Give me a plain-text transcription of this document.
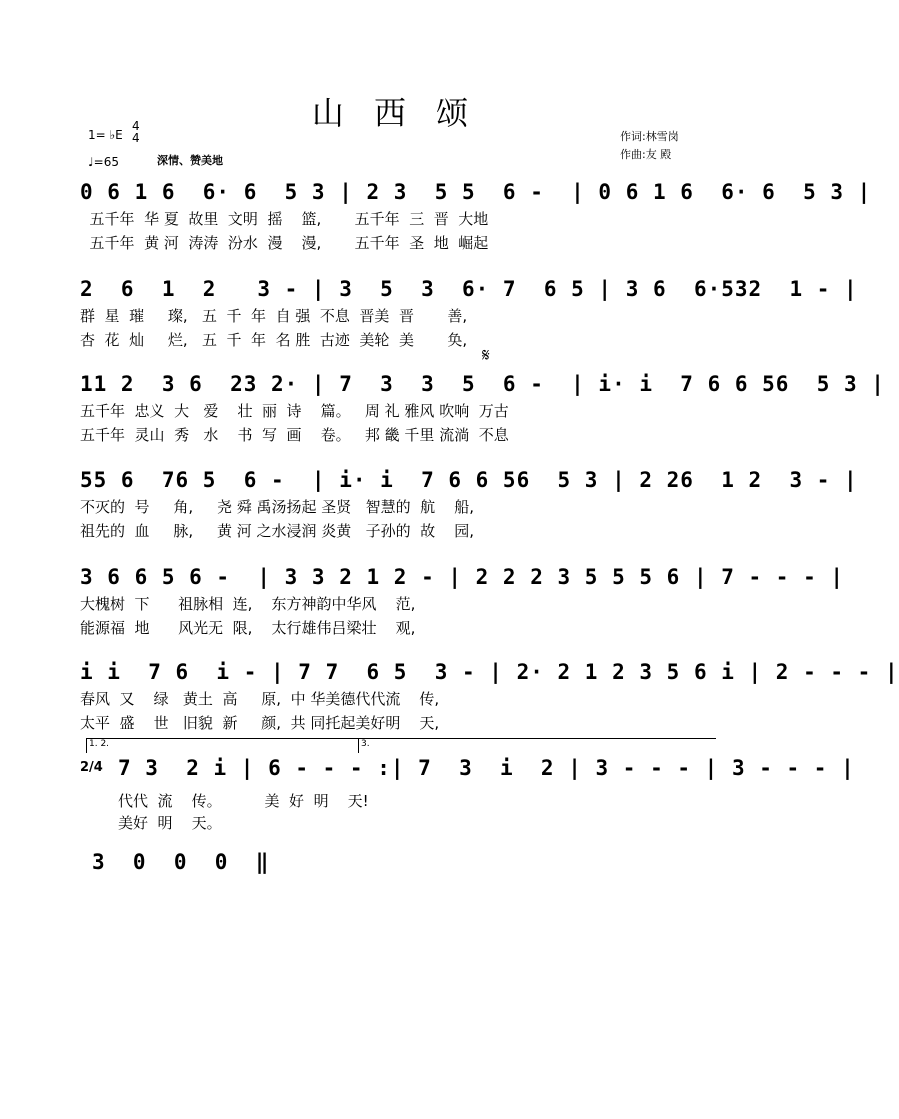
山 西 颂
1= ♭E
4
4
♩=65	深情、赞美地
作词:林雪岗
作曲:友 殿
0 6 1 6  6· 6  5 3 | 2 3  5 5  6 -  | 0 6 1 6  6· 6  5 3 |
五千年  华 夏  故里  文明  摇    篮,       五千年  三  晋  大地
五千年  黄 河  涛涛  汾水  漫    漫,       五千年  圣  地  崛起
2  6  1  2   3 - | 3  5  3  6· 7  6 5 | 3 6  6·532  1 - |
群  星  璀     璨,   五  千  年  自 强  不息  晋美  晋       善,
杏  花  灿     烂,   五  千  年  名 胜  古迹  美轮  美       奂,
𝄋
11 2  3 6  23 2· | 7  3  3  5  6 -  | i· i  7 6 6 56  5 3 |
五千年  忠义  大   爱    壮  丽  诗    篇。   周 礼 雅风 吹响  万古
五千年  灵山  秀   水    书  写  画    卷。   邦 畿 千里 流淌  不息
55 6  76 5  6 -  | i· i  7 6 6 56  5 3 | 2 26  1 2  3 - |
不灭的  号     角,     尧 舜 禹汤扬起 圣贤   智慧的  航    船,
祖先的  血     脉,     黄 河 之水浸润 炎黄   子孙的  故    园,
3 6 6 5 6 -  | 3 3 2 1 2 - | 2 2 2 3 5 5 5 6 | 7 - - - |
大槐树  下      祖脉相  连,    东方神韵中华风    范,
能源福  地      风光无  限,    太行雄伟吕梁壮    观,
i i  7 6  i - | 7 7  6 5  3 - | 2· 2 1 2 3 5 6 i | 2 - - - |
春风  又    绿   黄土  高     原,  中 华美德代代流    传,
太平  盛    世   旧貌  新     颜,  共 同托起美好明    天,
1. 2.	3.
2/4 7 3  2 i | 6 - - - :| 7  3  i  2 | 3 - - - | 3 - - - |
代代  流    传。         美  好  明    天!
美好  明    天。
3  0  0  0  ‖
